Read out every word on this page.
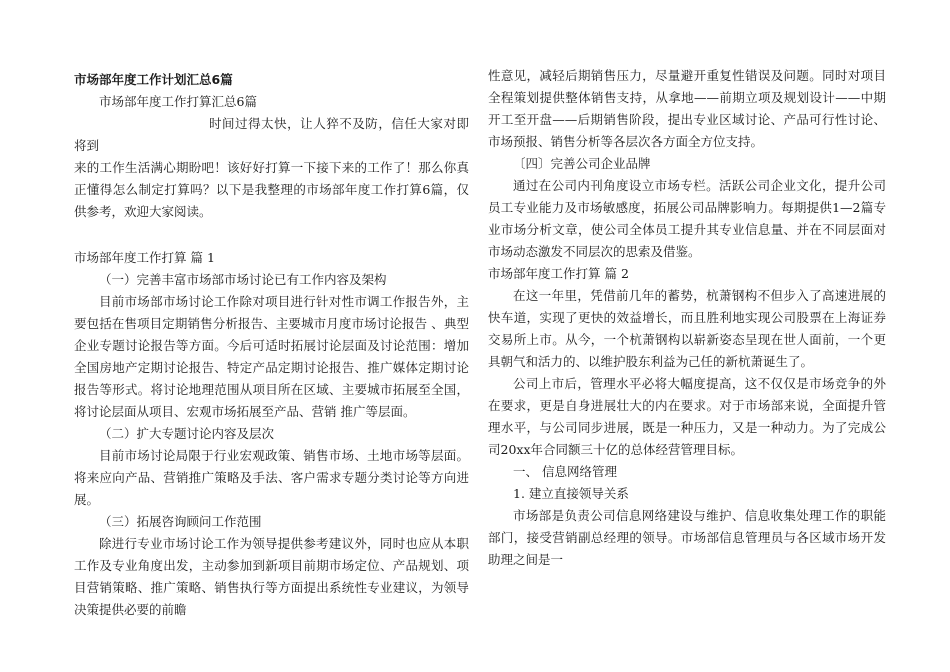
市场部年度工作计划汇总6篇

市场部年度工作打算汇总6篇

时间过得太快，让人猝不及防，信任大家对即将到

来的工作生活满心期盼吧！该好好打算一下接下来的工作了！那么你真正懂得怎么制定打算吗？以下是我整理的市场部年度工作打算6篇，仅供参考，欢迎大家阅读。

市场部年度工作打算 篇 1

（一）完善丰富市场部市场讨论已有工作内容及架构

目前市场部市场讨论工作除对项目进行针对性市调工作报告外，主要包括在售项目定期销售分析报告、主要城市月度市场讨论报告 、典型企业专题讨论报告等方面。今后可适时拓展讨论层面及讨论范围：增加全国房地产定期讨论报告、特定产品定期讨论报告、推广媒体定期讨论报告等形式。将讨论地理范围从项目所在区域、主要城市拓展至全国，将讨论层面从项目、宏观市场拓展至产品、营销 推广等层面。

（二）扩大专题讨论内容及层次

目前市场讨论局限于行业宏观政策、销售市场、土地市场等层面。将来应向产品、营销推广策略及手法、客户需求专题分类讨论等方向进展。

（三）拓展咨询顾问工作范围

除进行专业市场讨论工作为领导提供参考建议外，同时也应从本职工作及专业角度出发，主动参加到新项目前期市场定位、产品规划、项目营销策略、推广策略、销售执行等方面提出系统性专业建议，为领导决策提供必要的前瞻

性意见，减轻后期销售压力，尽量避开重复性错误及问题。同时对项目全程策划提供整体销售支持，从拿地——前期立项及规划设计——中期开工至开盘——后期销售阶段，提出专业区域讨论、产品可行性讨论、市场预报、销售分析等各层次各方面全方位支持。

〔四〕完善公司企业品牌

通过在公司内刊角度设立市场专栏。活跃公司企业文化，提升公司员工专业能力及市场敏感度，拓展公司品牌影响力。每期提供1—2篇专业市场分析文章，使公司全体员工提升其专业信息量、并在不同层面对市场动态激发不同层次的思索及借鉴。

市场部年度工作打算 篇 2

在这一年里，凭借前几年的蓄势，杭萧钢构不但步入了高速进展的快车道，实现了更快的效益增长，而且胜利地实现公司股票在上海证券交易所上市。从今，一个杭萧钢构以崭新姿态呈现在世人面前，一个更具朝气和活力的、以维护股东利益为己任的新杭萧诞生了。

公司上市后，管理水平必将大幅度提高，这不仅仅是市场竞争的外在要求，更是自身进展壮大的内在要求。对于市场部来说，全面提升管理水平，与公司同步进展，既是一种压力，又是一种动力。为了完成公司20xx年合同额三十亿的总体经营管理目标。

一、 信息网络管理

1. 建立直接领导关系

市场部是负责公司信息网络建设与维护、信息收集处理工作的职能部门，接受营销副总经理的领导。市场部信息管理员与各区域市场开发助理之间是一
